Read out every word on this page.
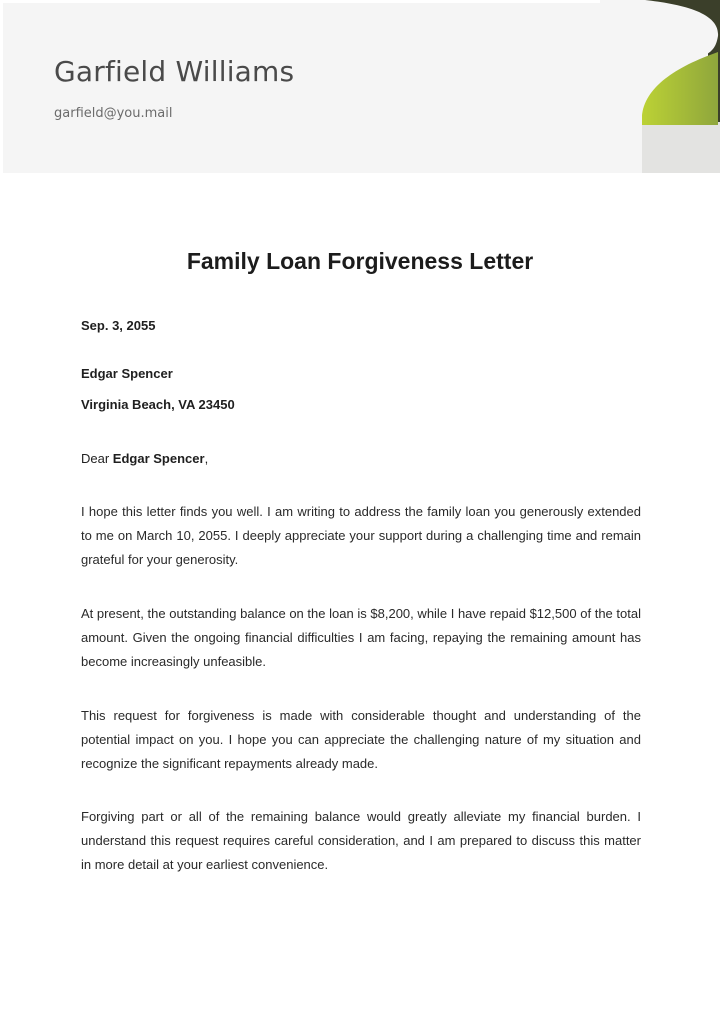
Garfield Williams
garfield@you.mail
Family Loan Forgiveness Letter
Sep. 3, 2055
Edgar Spencer
Virginia Beach, VA 23450
Dear Edgar Spencer,

I hope this letter finds you well. I am writing to address the family loan you generously extended to me on March 10, 2055. I deeply appreciate your support during a challenging time and remain grateful for your generosity.

At present, the outstanding balance on the loan is $8,200, while I have repaid $12,500 of the total amount. Given the ongoing financial difficulties I am facing, repaying the remaining amount has become increasingly unfeasible.

This request for forgiveness is made with considerable thought and understanding of the potential impact on you. I hope you can appreciate the challenging nature of my situation and recognize the significant repayments already made.

Forgiving part or all of the remaining balance would greatly alleviate my financial burden. I understand this request requires careful consideration, and I am prepared to discuss this matter in more detail at your earliest convenience.
